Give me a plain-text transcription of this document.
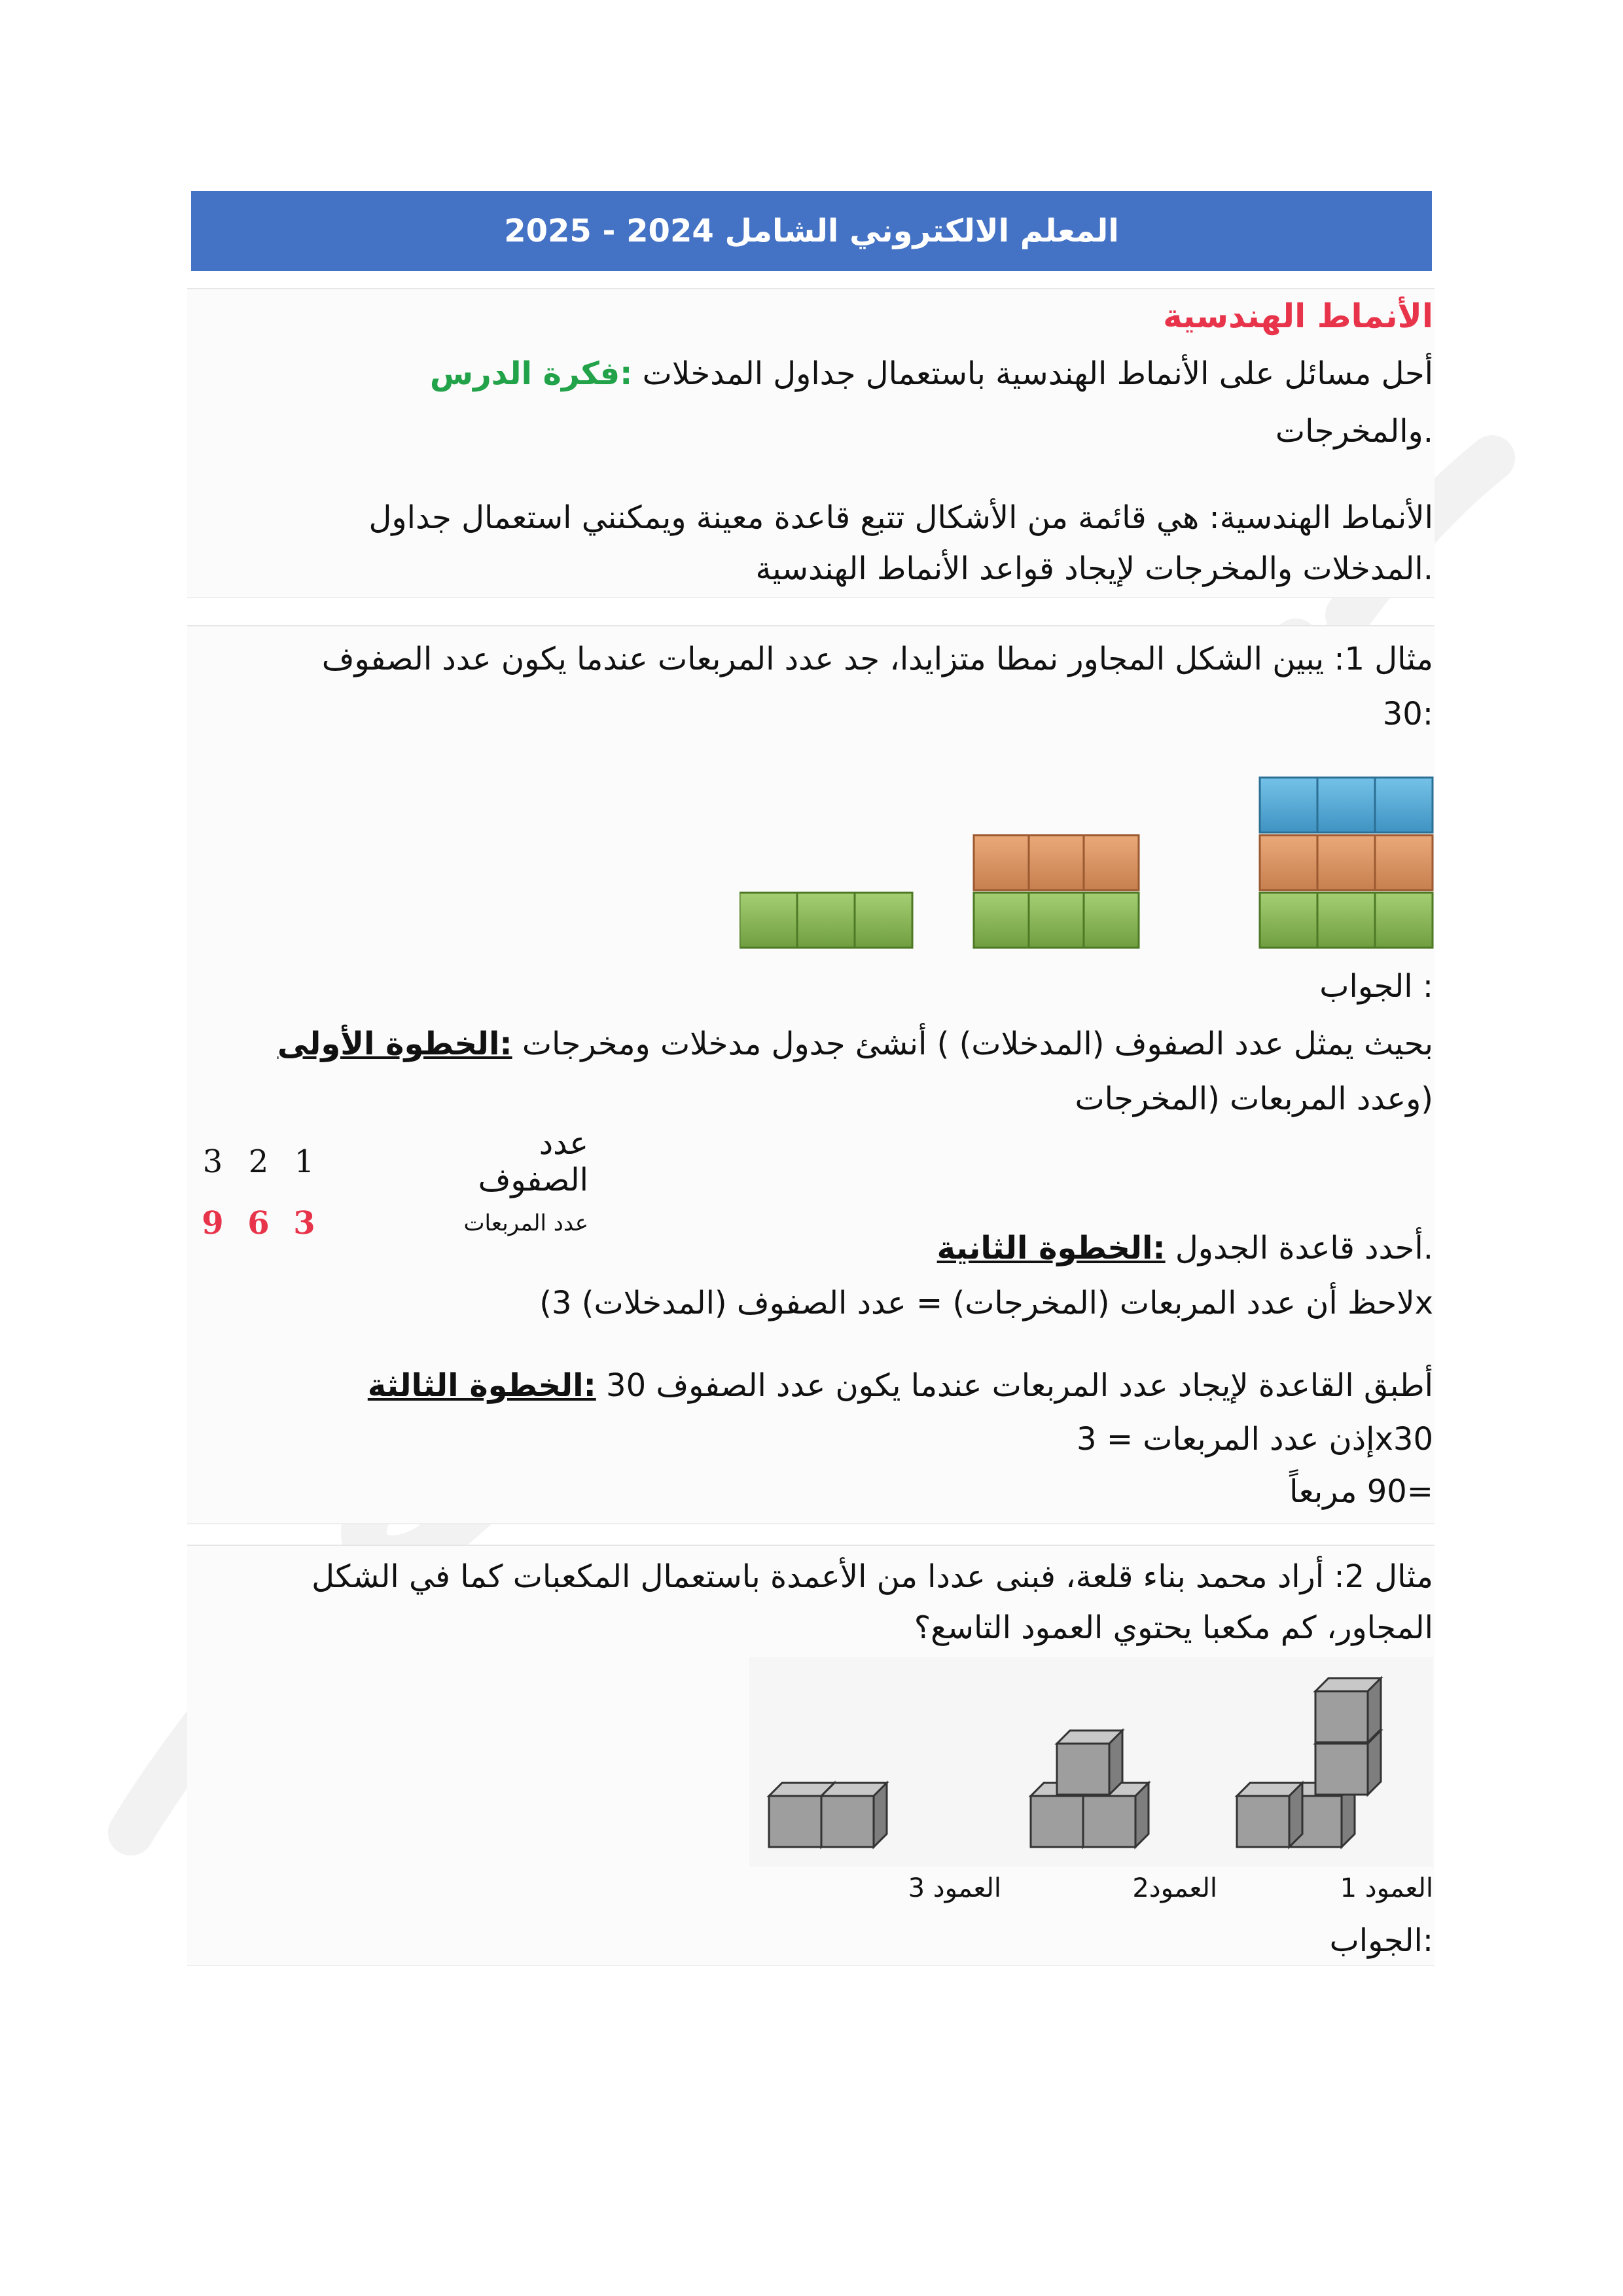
المعلم الالكتروني الشامل 2024 - 2025
الأنماط الهندسية
أحل مسائل على الأنماط الهندسية باستعمال جداول المدخلات :فكرة الدرس
.والمخرجات
الأنماط الهندسية: هي قائمة من الأشكال تتبع قاعدة معينة ويمكنني استعمال جداول
.المدخلات والمخرجات لإيجاد قواعد الأنماط الهندسية
مثال 1: يبين الشكل المجاور نمطا متزايدا، جد عدد المربعات عندما يكون عدد الصفوف
:30
: الجواب
بحيث يمثل عدد الصفوف (المدخلات) ) أنشئ جدول مدخلات ومخرجات :الخطوة الأولى
(وعدد المربعات (المخرجات
3	2	1		عدد الصفوف
9	6	3		عدد المربعات
.أحدد قاعدة الجدول :الخطوة الثانية
xلاحظ أن عدد المربعات (المخرجات) = عدد الصفوف (المدخلات) 3)
أطبق القاعدة لإيجاد عدد المربعات عندما يكون عدد الصفوف 30 :الخطوة الثالثة
x30إذن عدد المربعات = 3
=90 مربعاً
مثال 2: أراد محمد بناء قلعة، فبنى عددا من الأعمدة باستعمال المكعبات كما في الشكل
المجاور، كم مكعبا يحتوي العمود التاسع؟
العمود 1
العمود2
العمود 3
:الجواب
